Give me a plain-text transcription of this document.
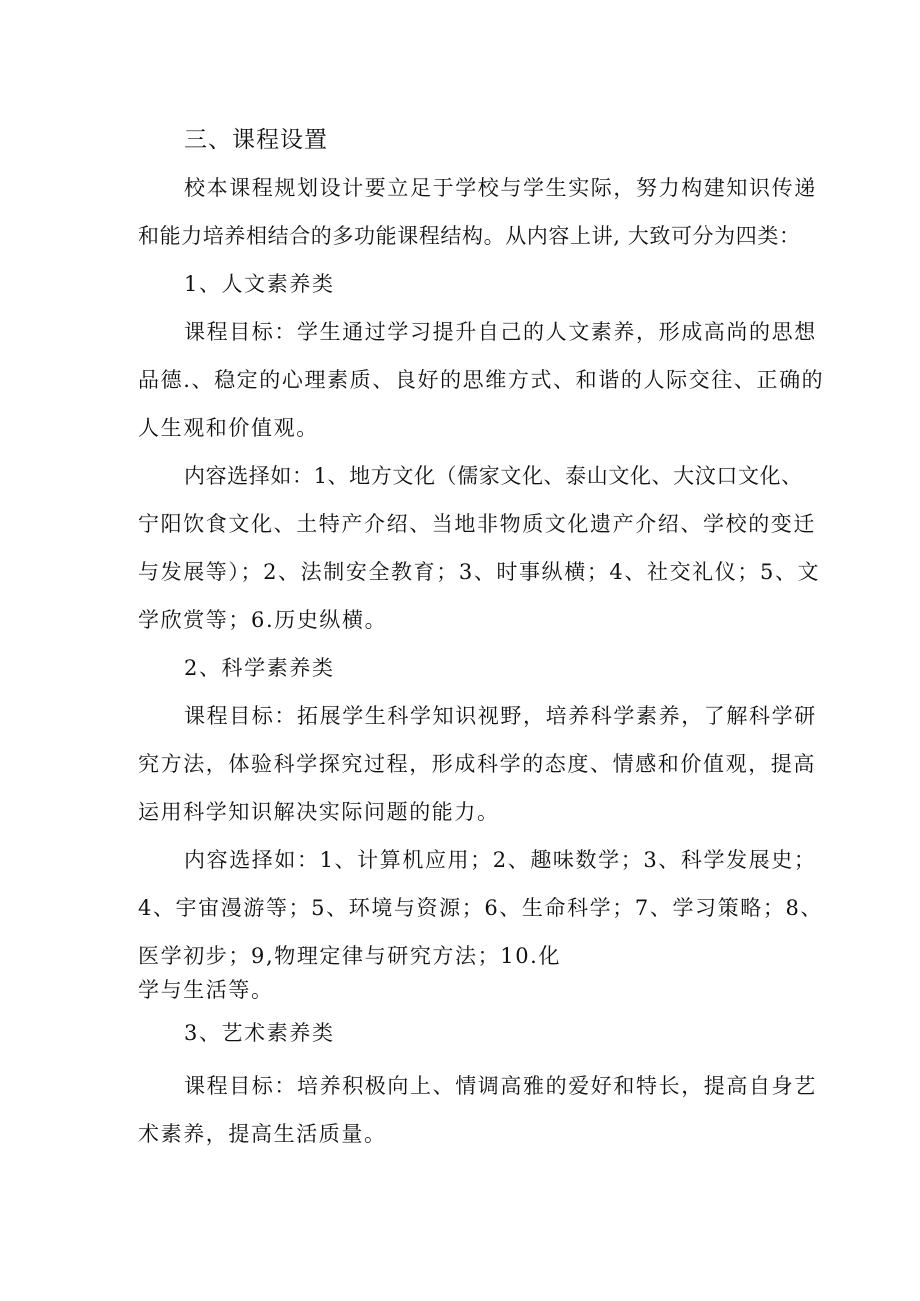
三、课程设置
校本课程规划设计要立足于学校与学生实际，努力构建知识传递
和能力培养相结合的多功能课程结构。从内容上讲, 大致可分为四类：
1、人文素养类
课程目标：学生通过学习提升自己的人文素养，形成高尚的思想
品德.、稳定的心理素质、良好的思维方式、和谐的人际交往、正确的
人生观和价值观。
内容选择如：1、地方文化（儒家文化、泰山文化、大汶口文化、
宁阳饮食文化、土特产介绍、当地非物质文化遗产介绍、学校的变迁
与发展等）；2、法制安全教育；3、时事纵横；4、社交礼仪；5、文
学欣赏等；6.历史纵横。
2、科学素养类
课程目标：拓展学生科学知识视野，培养科学素养，了解科学研
究方法，体验科学探究过程，形成科学的态度、情感和价值观，提高
运用科学知识解决实际问题的能力。
内容选择如：1、计算机应用；2、趣味数学；3、科学发展史；
4、宇宙漫游等；5、环境与资源；6、生命科学；7、学习策略；8、
医学初步；9,物理定律与研究方法；10.化
学与生活等。
3、艺术素养类
课程目标：培养积极向上、情调高雅的爱好和特长，提高自身艺
术素养，提高生活质量。
